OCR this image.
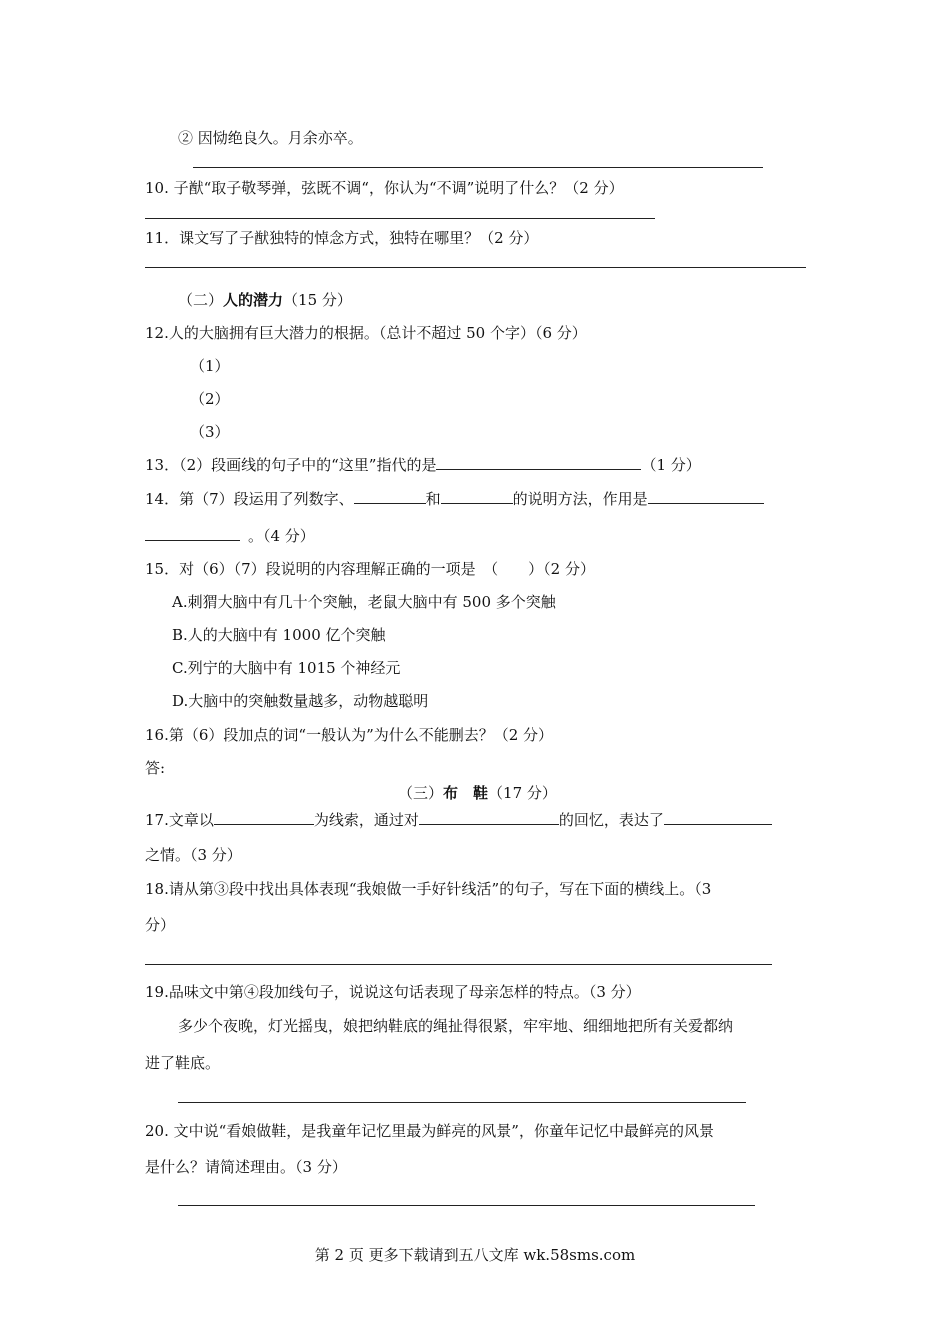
② 因恸绝良久。月余亦卒。
10. 子猷“取子敬琴弹，弦既不调“，你认为“不调”说明了什么？（2 分）
11．课文写了子猷独特的悼念方式，独特在哪里？（2 分）
（二）人的潜力（15 分）
12.人的大脑拥有巨大潜力的根据。（总计不超过 50 个字）（6 分）
（1）
（2）
（3）
13．（2）段画线的句子中的“这里”指代的是	（1 分）
14．第（7）段运用了列数字、	和	的说明方法，作用是
。（4 分）
15．对（6）（7）段说明的内容理解正确的一项是　（　　）（2 分）
A.刺猬大脑中有几十个突触，老鼠大脑中有 500 多个突触
B.人的大脑中有 1000 亿个突触
C.列宁的大脑中有 1015 个神经元
D.大脑中的突触数量越多，动物越聪明
16.第（6）段加点的词“一般认为”为什么不能删去？（2 分）
答:
（三）布　鞋（17 分）
17.文章以	为线索，通过对	的回忆，表达了
之情。（3 分）
18.请从第③段中找出具体表现“我娘做一手好针线活”的句子，写在下面的横线上。（3
分）
19.品味文中第④段加线句子，说说这句话表现了母亲怎样的特点。（3 分）
多少个夜晚，灯光摇曳，娘把纳鞋底的绳扯得很紧，牢牢地、细细地把所有关爱都纳
进了鞋底。
20. 文中说“看娘做鞋，是我童年记忆里最为鲜亮的风景”，你童年记忆中最鲜亮的风景
是什么？请简述理由。（3 分）
第 2 页 更多下载请到五八文库 wk.58sms.com
